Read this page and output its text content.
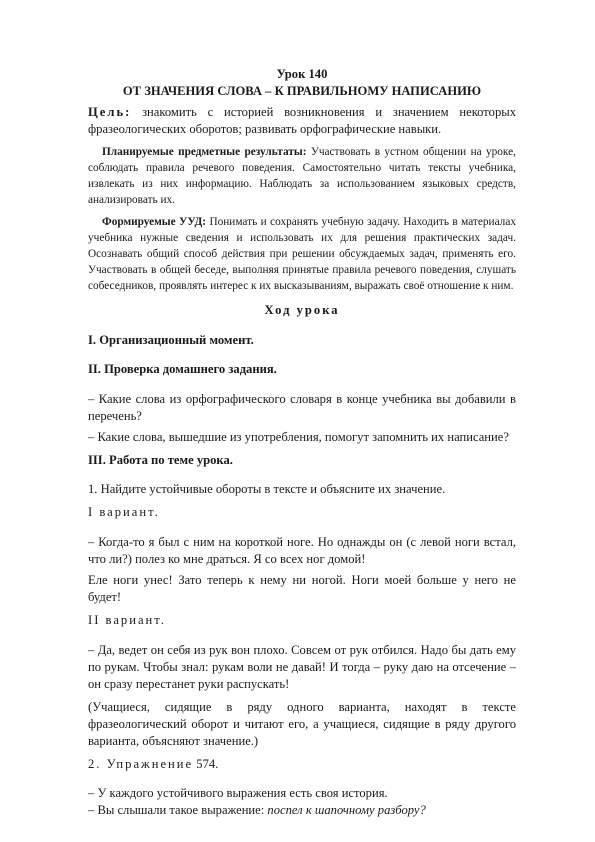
Урок 140

ОТ ЗНАЧЕНИЯ СЛОВА – К ПРАВИЛЬНОМУ НАПИСАНИЮ

Цель: знакомить с историей возникновения и значением некоторых фразеологических оборотов; развивать орфографические навыки.

Планируемые предметные результаты: Участвовать в устном общении на уроке, соблюдать правила речевого поведения. Самостоятельно читать тексты учебника, извлекать из них информацию. Наблюдать за использованием языковых средств, анализировать их.

Формируемые УУД: Понимать и сохранять учебную задачу. Находить в материалах учебника нужные сведения и использовать их для решения практических задач. Осознавать общий способ действия при решении обсуждаемых задач, применять его. Участвовать в общей беседе, выполняя принятые правила речевого поведения, слушать собеседников, проявлять интерес к их высказываниям, выражать своё отношение к ним.

Ход урока

I. Организационный момент.

II. Проверка домашнего задания.

– Какие слова из орфографического словаря в конце учебника вы добавили в перечень?

– Какие слова, вышедшие из употребления, помогут запомнить их написание?

III. Работа по теме урока.

1. Найдите устойчивые обороты в тексте и объясните их значение.

I вариант.

– Когда-то я был с ним на короткой ноге. Но однажды он (с левой ноги встал, что ли?) полез ко мне драться. Я со всех ног домой!

Еле ноги унес! Зато теперь к нему ни ногой. Ноги моей больше у него не будет!

II вариант.

– Да, ведет он себя из рук вон плохо. Совсем от рук отбился. Надо бы дать ему по рукам. Чтобы знал: рукам воли не давай! И тогда – руку даю на отсечение – он сразу перестанет руки распускать!

(Учащиеся, сидящие в ряду одного варианта, находят в тексте фразеологический оборот и читают его, а учащиеся, сидящие в ряду другого варианта, объясняют значение.)

2. Упражнение 574.

– У каждого устойчивого выражения есть своя история.

– Вы слышали такое выражение: поспел к шапочному разбору?
